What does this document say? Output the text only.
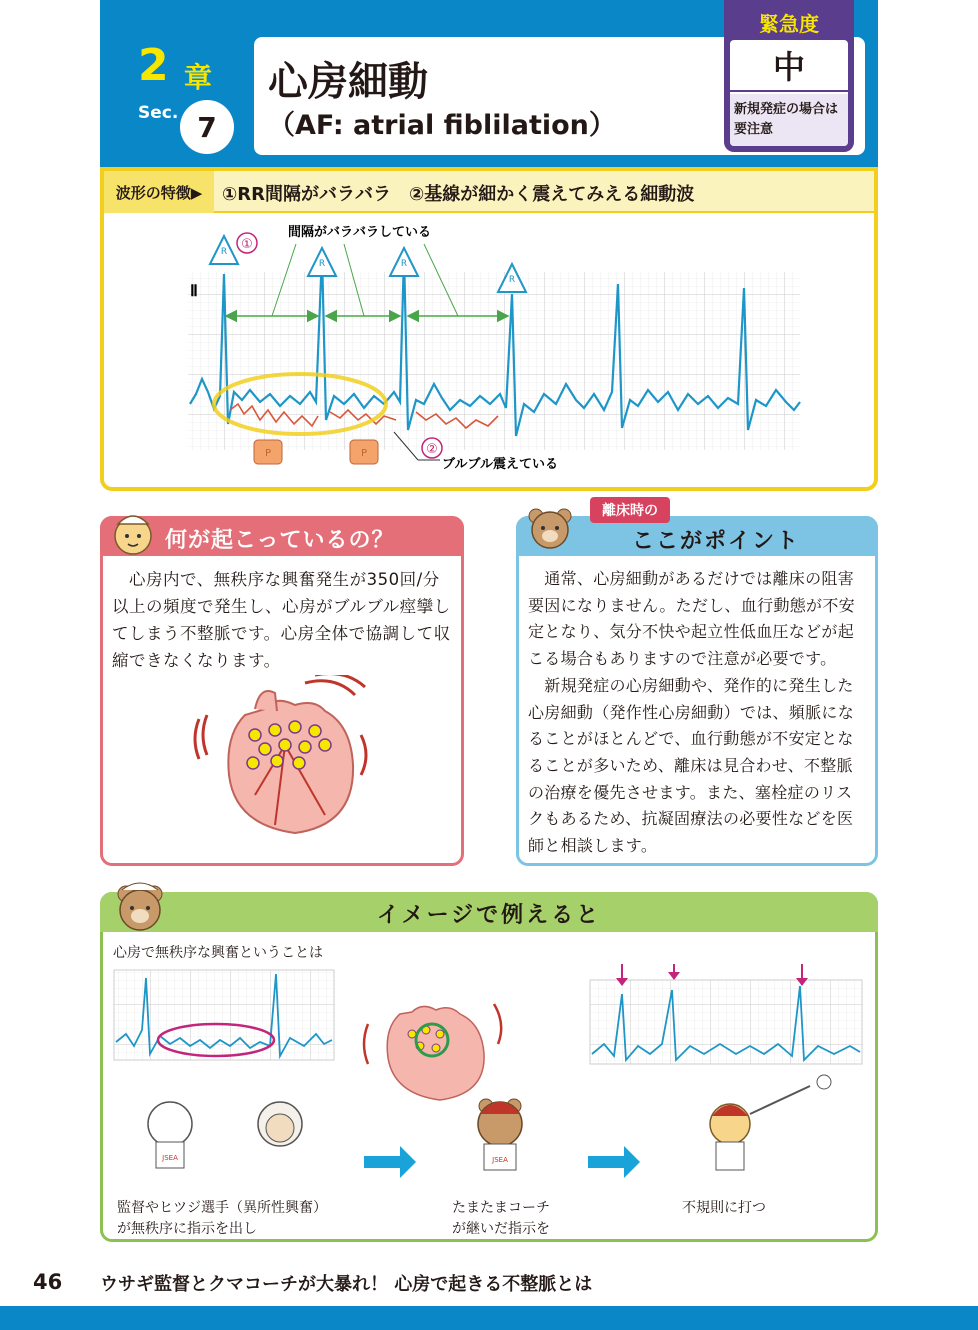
2 章
Sec. 7
心房細動
（AF: atrial fiblilation）
緊急度
中
新規発症の場合は要注意
波形の特徴▶	①RR間隔がバラバラ　②基線が細かく震えてみえる細動波
Ⅱ
間隔がバラバラしている
R
R	R
R
P	P
①
②
ブルブル震えている
何が起こっているの？

　心房内で、無秩序な興奮発生が350回/分以上の頻度で発生し、心房がブルブル痙攣してしまう不整脈です。心房全体で協調して収縮できなくなります。

離床時の
ここがポイント

　通常、心房細動があるだけでは離床の阻害要因になりません。ただし、血行動態が不安定となり、気分不快や起立性低血圧などが起こる場合もありますので注意が必要です。

　新規発症の心房細動や、発作的に発生した心房細動（発作性心房細動）では、頻脈になることがほとんどで、血行動態が不安定となることが多いため、離床は見合わせ、不整脈の治療を優先させます。また、塞栓症のリスクもあるため、抗凝固療法の必要性などを医師と相談します。

イメージで例えると
心房で無秩序な興奮ということは
JSEA	JSEA
監督やヒツジ選手（異所性興奮）
が無秩序に指示を出し
たまたまコーチ
が継いだ指示を
不規則に打つ
46 ウサギ監督とクマコーチが大暴れ！ 心房で起きる不整脈とは
